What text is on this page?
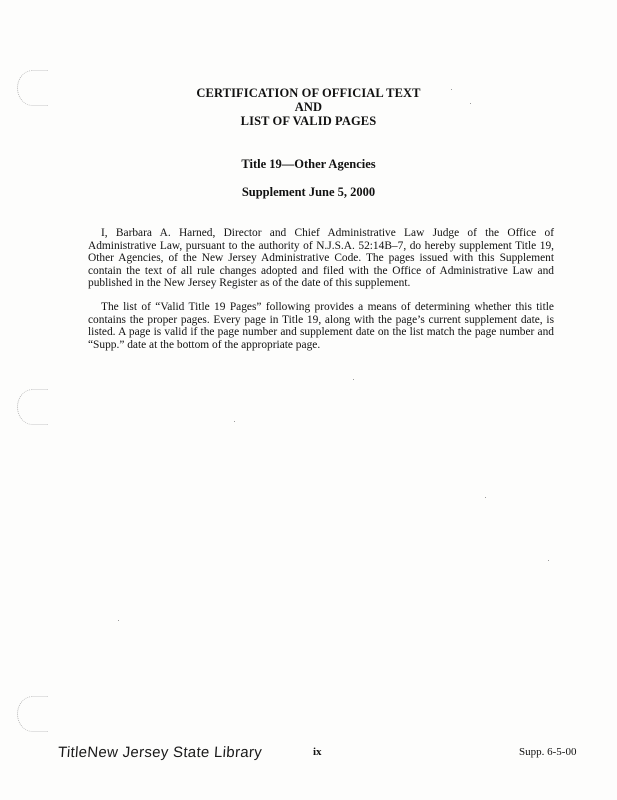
CERTIFICATION OF OFFICIAL TEXT
AND
LIST OF VALID PAGES
Title 19—Other Agencies
Supplement June 5, 2000
I, Barbara A. Harned, Director and Chief Administrative Law Judge of the Office of Administrative Law, pursuant to the authority of N.J.S.A. 52:14B–7, do hereby supplement Title 19, Other Agencies, of the New Jersey Administrative Code. The pages issued with this Supplement contain the text of all rule changes adopted and filed with the Office of Administrative Law and published in the New Jersey Register as of the date of this supplement.
The list of “Valid Title 19 Pages” following provides a means of determining whether this title contains the proper pages. Every page in Title 19, along with the page’s current supplement date, is listed. A page is valid if the page number and supplement date on the list match the page number and “Supp.” date at the bottom of the appropriate page.
TitleNew Jersey State Library	ix	Supp. 6-5-00
